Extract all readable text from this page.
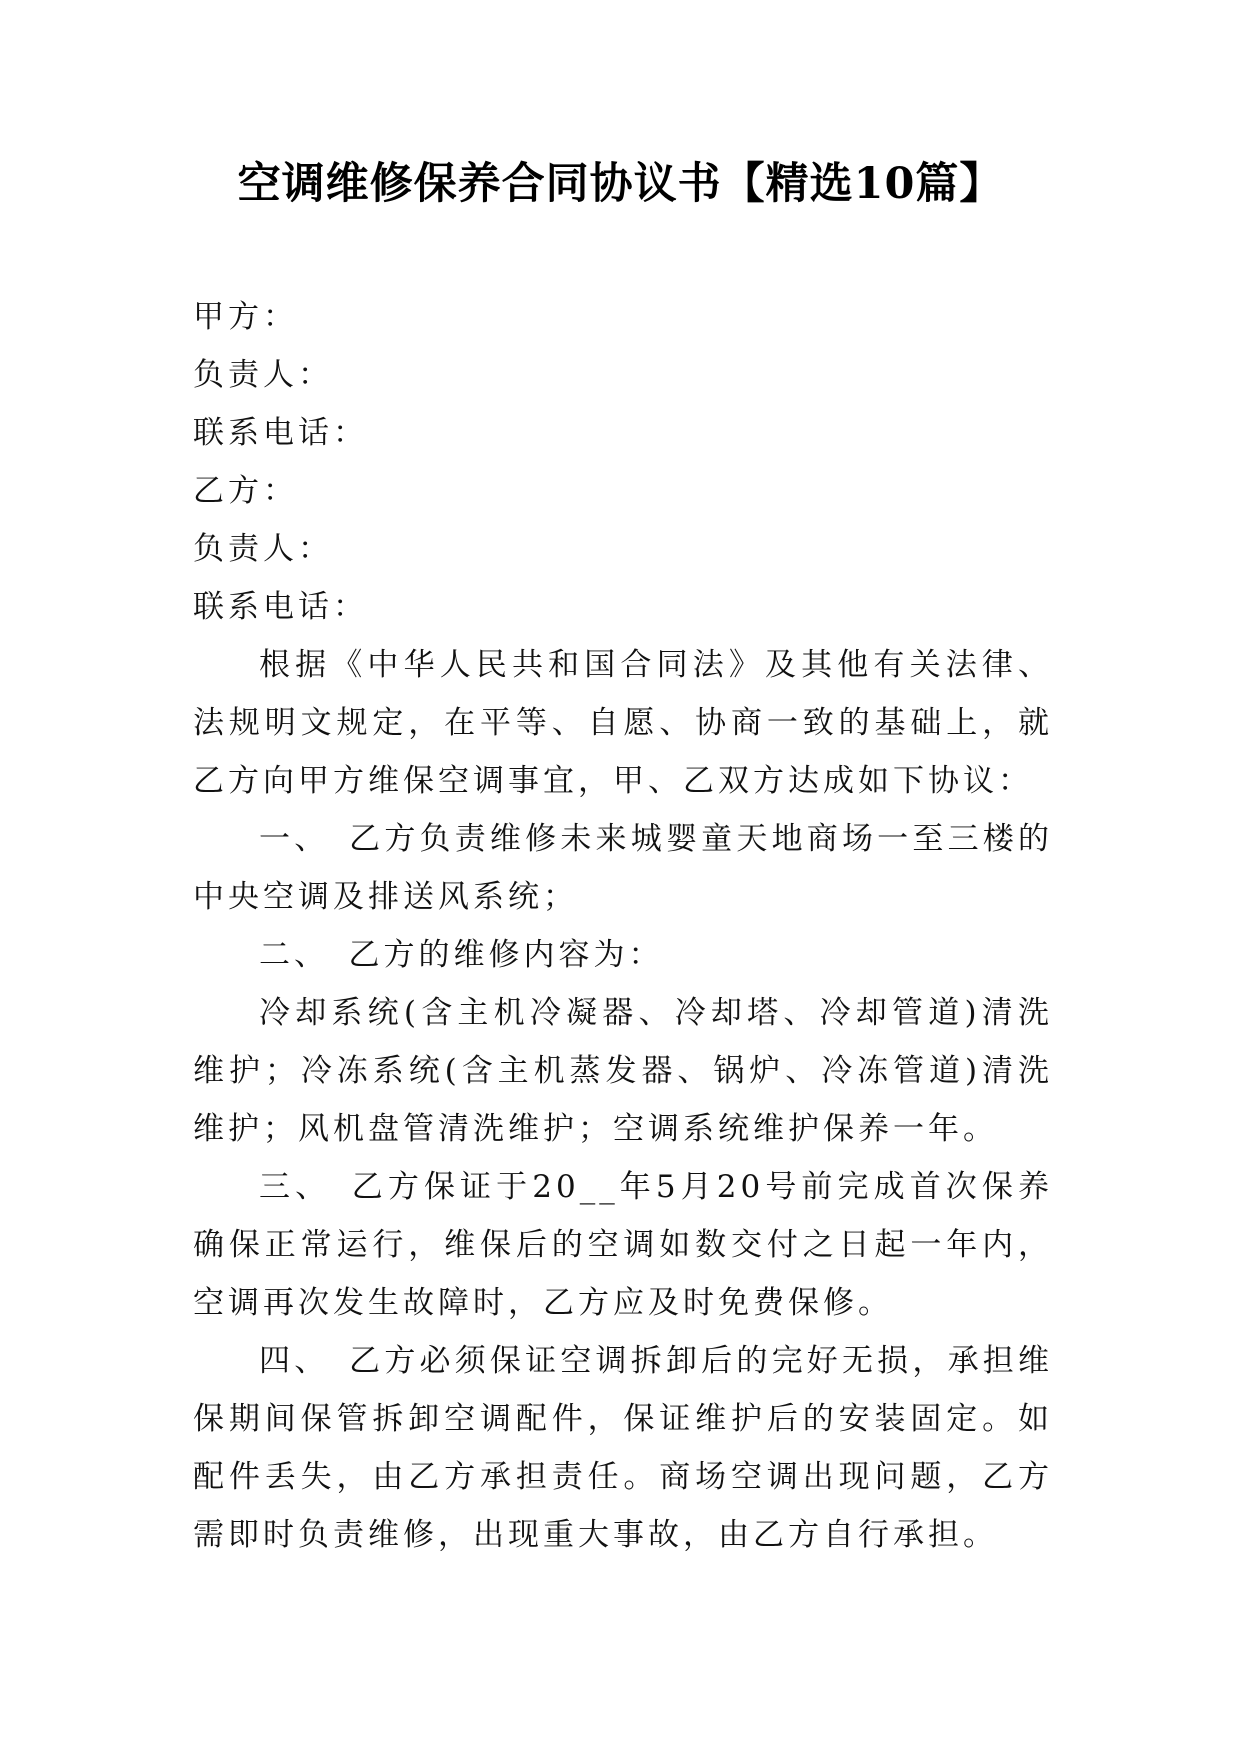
空调维修保养合同协议书【精选10篇】

甲方：

负责人：

联系电话：

乙方：

负责人：

联系电话：

根据《中华人民共和国合同法》及其他有关法律、法规明文规定，在平等、自愿、协商一致的基础上，就乙方向甲方维保空调事宜，甲、乙双方达成如下协议：

一、　乙方负责维修未来城婴童天地商场一至三楼的中央空调及排送风系统；

二、　乙方的维修内容为：

冷却系统(含主机冷凝器、冷却塔、冷却管道)清洗维护；冷冻系统(含主机蒸发器、锅炉、冷冻管道)清洗维护；风机盘管清洗维护；空调系统维护保养一年。

三、　乙方保证于20__年5月20号前完成首次保养确保正常运行，维保后的空调如数交付之日起一年内，空调再次发生故障时，乙方应及时免费保修。

四、　乙方必须保证空调拆卸后的完好无损，承担维保期间保管拆卸空调配件，保证维护后的安装固定。如配件丢失，由乙方承担责任。商场空调出现问题，乙方需即时负责维修，出现重大事故，由乙方自行承担。
